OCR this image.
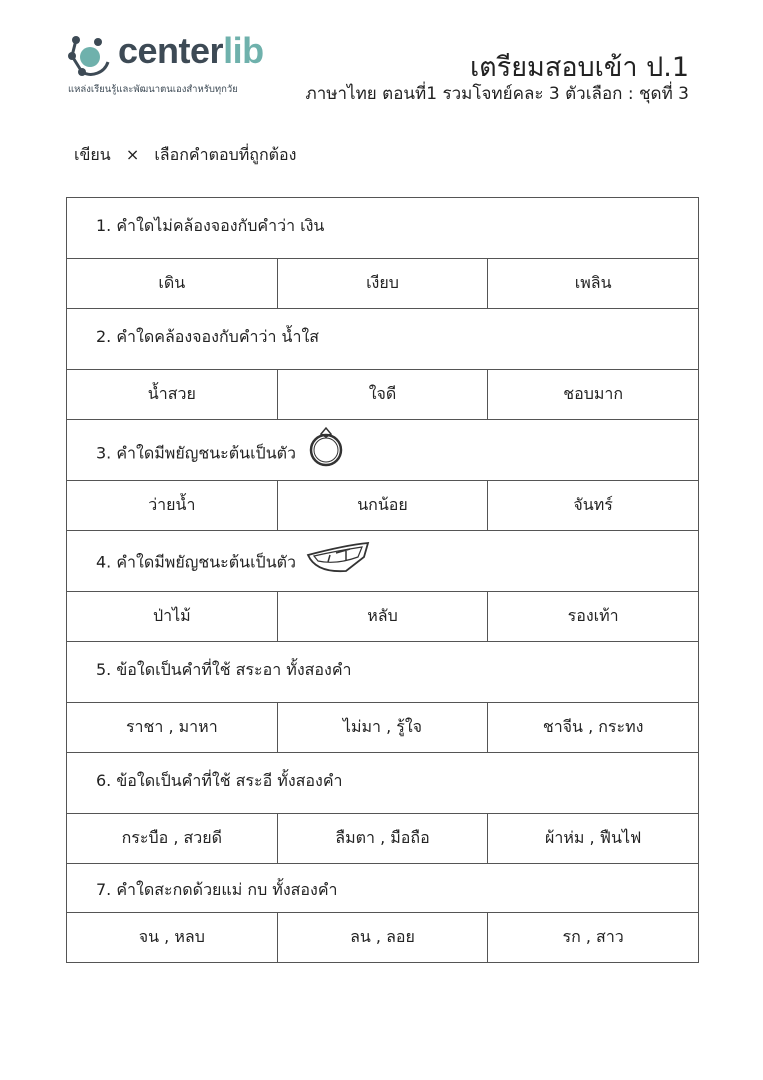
centerlib
แหล่งเรียนรู้และพัฒนาตนเองสำหรับทุกวัย
เตรียมสอบเข้า ป.1
ภาษาไทย ตอนที่1 รวมโจทย์คละ 3 ตัวเลือก : ชุดที่ 3
เขียน × เลือกคำตอบที่ถูกต้อง
1. คำใดไม่คล้องจองกับคำว่า เงิน		
เดิน	เงียบ	เพลิน
2. คำใดคล้องจองกับคำว่า น้ำใส		
น้ำสวย	ใจดี	ชอบมาก
3. คำใดมีพยัญชนะต้นเป็นตัว		
ว่ายน้ำ	นกน้อย	จันทร์
4. คำใดมีพยัญชนะต้นเป็นตัว		
ป่าไม้	หลับ	รองเท้า
5. ข้อใดเป็นคำที่ใช้ สระอา ทั้งสองคำ		
ราชา , มาหา	ไม่มา , รู้ใจ	ชาจีน , กระทง
6. ข้อใดเป็นคำที่ใช้ สระอี ทั้งสองคำ		
กระบือ , สวยดี	ลืมตา , มือถือ	ผ้าห่ม , ฟืนไฟ
7. คำใดสะกดด้วยแม่ กบ ทั้งสองคำ		
จน , หลบ	ลน , ลอย	รก , สาว
